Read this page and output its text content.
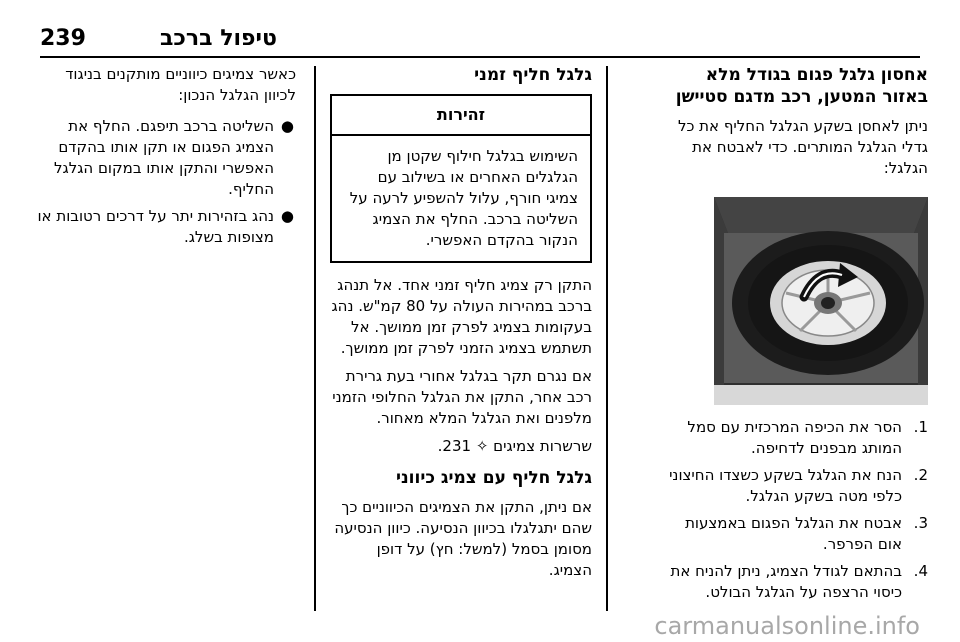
239	טיפול ברכב
אחסון גלגל פגום בגודל מלא באזור המטען, רכב מדגם סטיישן

ניתן לאחסן בשקע הגלגל החליף את כל גדלי הגלגל המותרים. כדי לאבטח את הגלגל:

1.
הסר את הכיפה המרכזית עם סמל המותג מבפנים לדחיפה.
2.
הנח את הגלגל בשקע כשצדו החיצוני כלפי מטה בשקע הגלגל.
3.
אבטח את הגלגל הפגום באמצעות אום הפרפר.
4.
בהתאם לגודל הצמיג, ניתן להניח את כיסוי הרצפה על הגלגל הבולט.
גלגל חליף זמני
זהירות
השימוש בגלגל חילוף שקטן מן הגלגלים האחרים או בשילוב עם צמיגי חורף, עלול להשפיע לרעה על השליטה ברכב. החלף את הצמיג הנקור בהקדם האפשרי.

התקן רק צמיג חליף זמני אחד. אל תנהג ברכב במהירות העולה על 80 קמ"ש. נהג בעקומות בצמיג לפרק זמן ממושך. אל תשתמש בצמיג הזמני לפרק זמן ממושך.

אם נגרם תקר בגלגל אחורי בעת גרירת רכב אחר, התקן את הגלגל החלופי הזמני מלפנים ואת הגלגל המלא מאחור.

שרשרות צמיגים ✧ 231.

גלגל חליף עם צמיג כיווני

אם ניתן, התקן את הצמיגים הכיווניים כך שהם יתגלגלו בכיוון הנסיעה. כיוון הנסיעה מסומן בסמל (למשל: חץ) על דופן הצמיג.

כאשר צמיגים כיווניים מותקנים בניגוד לכיוון הגלגל הנכון:

●
השליטה ברכב תיפגם. החלף את הצמיג הפגום או תקן אותו בהקדם האפשרי והתקן אותו במקום הגלגל החליף.
●
נהג בזהירות יתר על דרכים רטובות או מצופות בשלג.
carmanualsonline.info
